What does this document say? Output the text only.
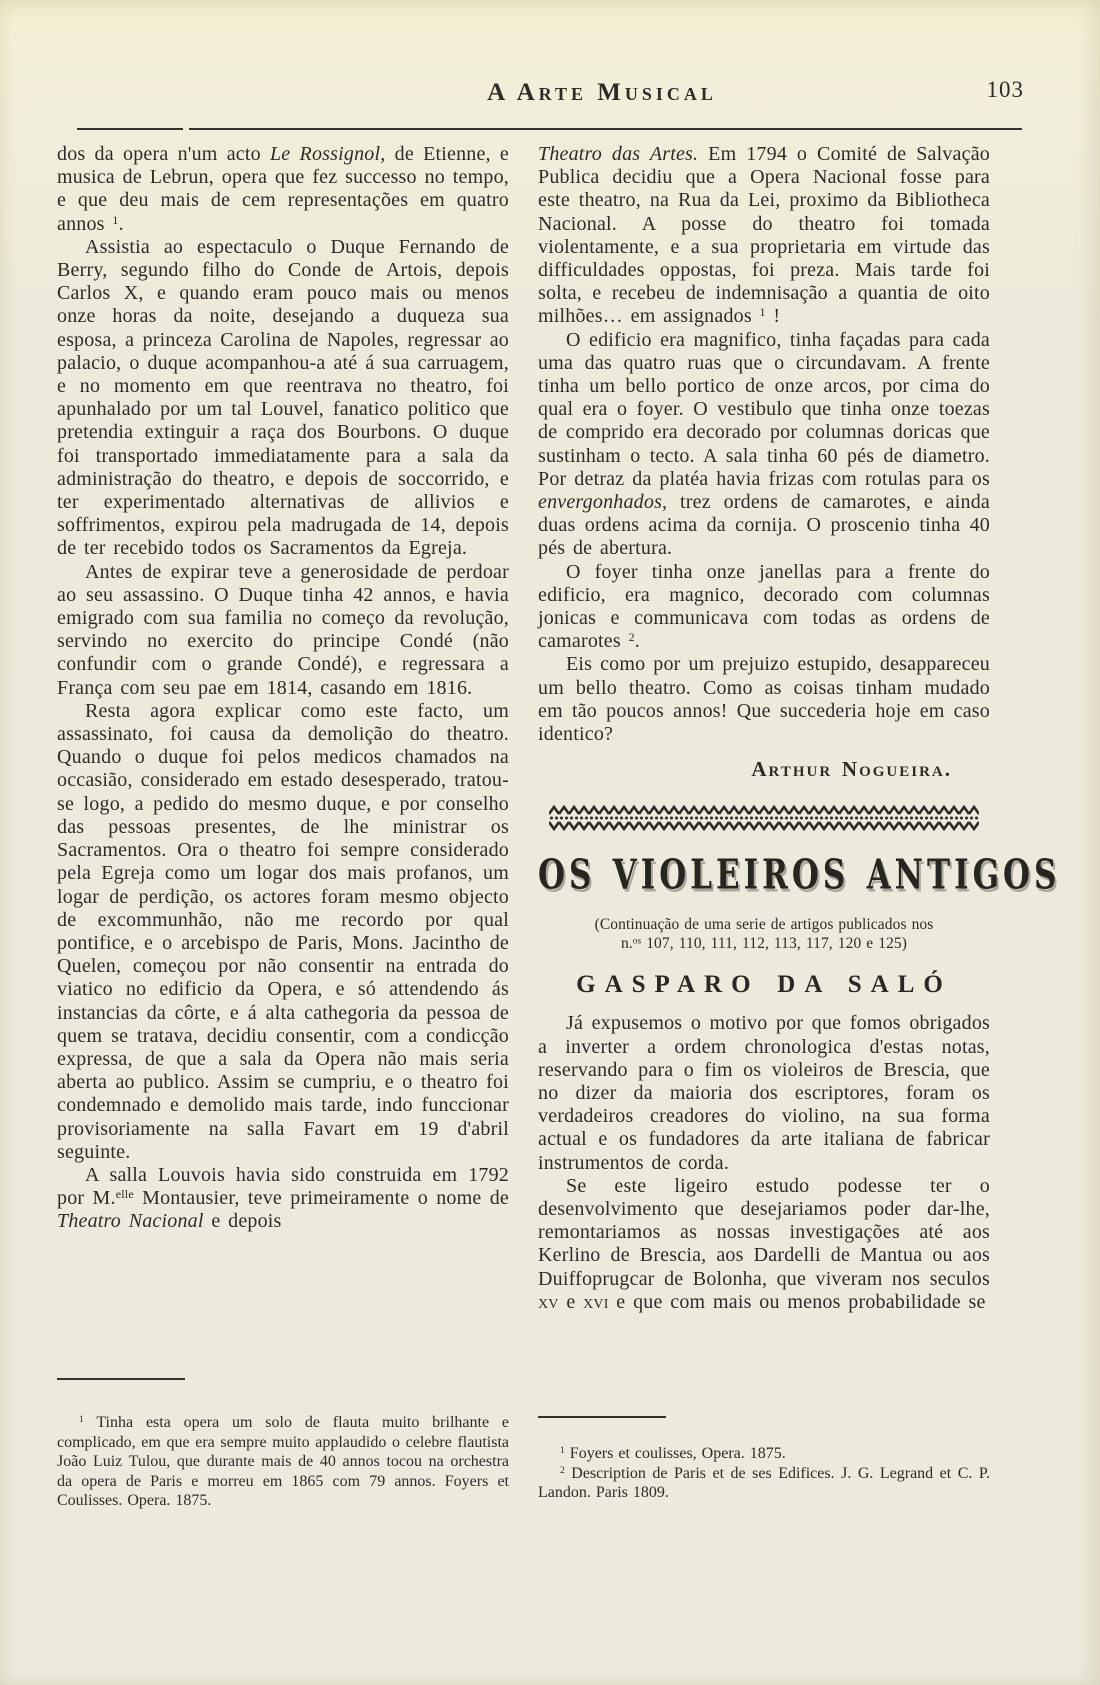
A Arte Musical	103

dos da opera n'um acto Le Rossignol, de Etienne, e musica de Lebrun, opera que fez successo no tempo, e que deu mais de cem representações em quatro annos $^1$.

Assistia ao espectaculo o Duque Fernando de Berry, segundo filho do Conde de Artois, depois Carlos X, e quando eram pouco mais ou menos onze horas da noite, desejando a duqueza sua esposa, a princeza Carolina de Napoles, regressar ao palacio, o duque acompanhou-a até á sua carruagem, e no momento em que reentrava no theatro, foi apunhalado por um tal Louvel, fanatico politico que pretendia extinguir a raça dos Bourbons. O duque foi transportado immediatamente para a sala da administração do theatro, e depois de soccorrido, e ter experimentado alternativas de allivios e soffrimentos, expirou pela madrugada de 14, depois de ter recebido todos os Sacramentos da Egreja.

Antes de expirar teve a generosidade de perdoar ao seu assassino. O Duque tinha 42 annos, e havia emigrado com sua familia no começo da revolução, servindo no exercito do principe Condé (não confundir com o grande Condé), e regressara a França com seu pae em 1814, casando em 1816.

Resta agora explicar como este facto, um assassinato, foi causa da demolição do theatro. Quando o duque foi pelos medicos chamados na occasião, considerado em estado desesperado, tratou-se logo, a pedido do mesmo duque, e por conselho das pessoas presentes, de lhe ministrar os Sacramentos. Ora o theatro foi sempre considerado pela Egreja como um logar dos mais profanos, um logar de perdição, os actores foram mesmo objecto de excommunhão, não me recordo por qual pontifice, e o arcebispo de Paris, Mons. Jacintho de Quelen, começou por não consentir na entrada do viatico no edificio da Opera, e só attendendo ás instancias da côrte, e á alta cathegoria da pessoa de quem se tratava, decidiu consentir, com a condicção expressa, de que a sala da Opera não mais seria aberta ao publico. Assim se cumpriu, e o theatro foi condemnado e demolido mais tarde, indo funccionar provisoriamente na salla Favart em 19 d'abril seguinte.

A salla Louvois havia sido construida em 1792 por M.$^{elle}$ Montausier, teve primeiramente o nome de Theatro Nacional e depois

Theatro das Artes. Em 1794 o Comité de Salvação Publica decidiu que a Opera Nacional fosse para este theatro, na Rua da Lei, proximo da Bibliotheca Nacional. A posse do theatro foi tomada violentamente, e a sua proprietaria em virtude das difficuldades oppostas, foi preza. Mais tarde foi solta, e recebeu de indemnisação a quantia de oito milhões… em assignados $^1$ !

O edificio era magnifico, tinha façadas para cada uma das quatro ruas que o circundavam. A frente tinha um bello portico de onze arcos, por cima do qual era o foyer. O vestibulo que tinha onze toezas de comprido era decorado por columnas doricas que sustinham o tecto. A sala tinha 60 pés de diametro. Por detraz da platéa havia frizas com rotulas para os envergonhados, trez ordens de camarotes, e ainda duas ordens acima da cornija. O proscenio tinha 40 pés de abertura.

O foyer tinha onze janellas para a frente do edificio, era magnico, decorado com columnas jonicas e communicava com todas as ordens de camarotes $^2$.

Eis como por um prejuizo estupido, desappareceu um bello theatro. Como as coisas tinham mudado em tão poucos annos! Que succederia hoje em caso identico?

Arthur Nogueira.
OS VIOLEIROS ANTIGOS
(Continuação de uma serie de artigos publicados nos
n.$^{os}$ 107, 110, 111, 112, 113, 117, 120 e 125)
GASPARO DA SALÓ

Já expusemos o motivo por que fomos obrigados a inverter a ordem chronologica d'estas notas, reservando para o fim os violeiros de Brescia, que no dizer da maioria dos escriptores, foram os verdadeiros creadores do violino, na sua forma actual e os fundadores da arte italiana de fabricar instrumentos de corda.

Se este ligeiro estudo podesse ter o desenvolvimento que desejariamos poder dar-lhe, remontariamos as nossas investigações até aos Kerlino de Brescia, aos Dardelli de Mantua ou aos Duiffoprugcar de Bolonha, que viveram nos seculos xv e xvi e que com mais ou menos probabilidade se

$^1$ Tinha esta opera um solo de flauta muito brilhante e complicado, em que era sempre muito applaudido o celebre flautista João Luiz Tulou, que durante mais de 40 annos tocou na orchestra da opera de Paris e morreu em 1865 com 79 annos. Foyers et Coulisses. Opera. 1875.

$^1$ Foyers et coulisses, Opera. 1875.

$^2$ Description de Paris et de ses Edifices. J. G. Legrand et C. P. Landon. Paris 1809.
